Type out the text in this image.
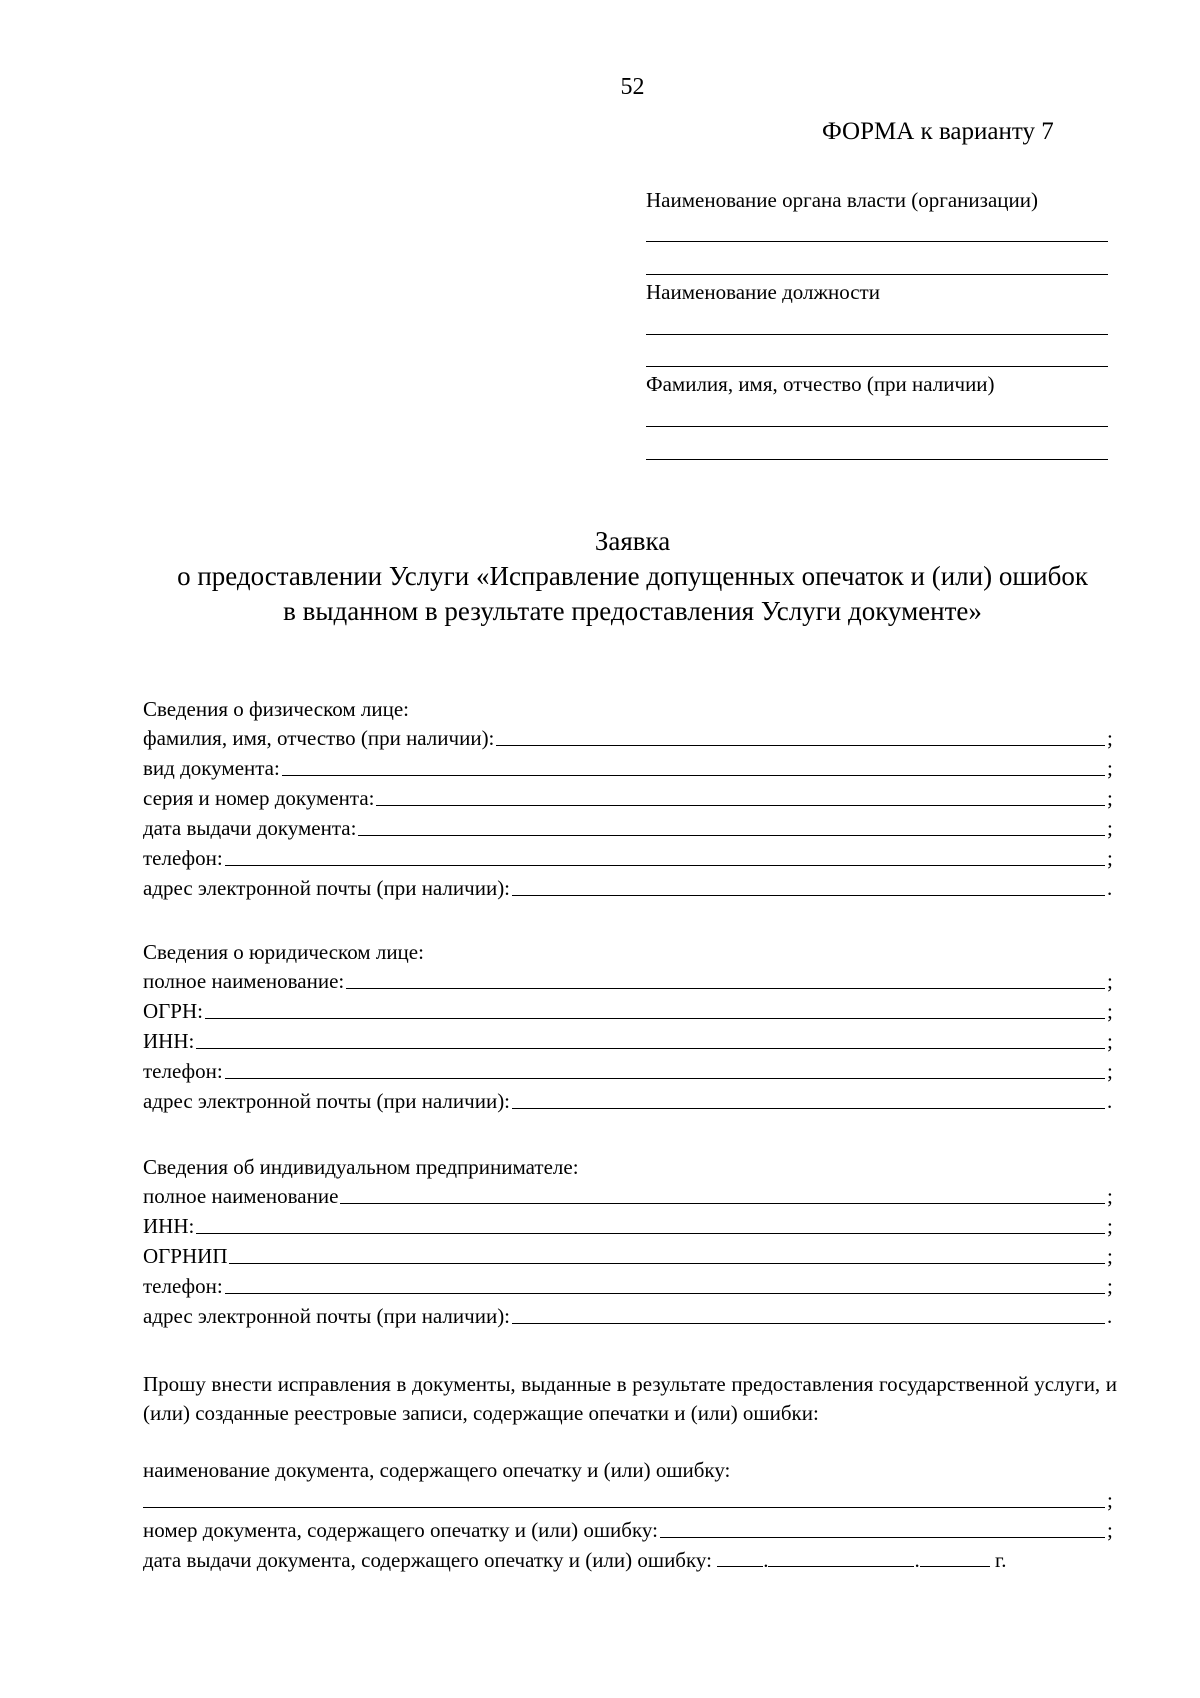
52
ФОРМА к варианту 7
Наименование органа власти (организации)
Наименование должности
Фамилия, имя, отчество (при наличии)
Заявка
о предоставлении Услуги «Исправление допущенных опечаток и (или) ошибок
в выданном в результате предоставления Услуги документе»
Сведения о физическом лице:
фамилия, имя, отчество (при наличии):	;
вид документа:	;
серия и номер документа:	;
дата выдачи документа:	;
телефон:	;
адрес электронной почты (при наличии):	.
Сведения о юридическом лице:
полное наименование:	;
ОГРН:	;
ИНН:	;
телефон:	;
адрес электронной почты (при наличии):	.
Сведения об индивидуальном предпринимателе:
полное наименование	;
ИНН:	;
ОГРНИП	;
телефон:	;
адрес электронной почты (при наличии):	.
Прошу внести исправления в документы, выданные в результате предоставления государственной услуги, и (или) созданные реестровые записи, содержащие опечатки и (или) ошибки:
наименование документа, содержащего опечатку и (или) ошибку:
;
номер документа, содержащего опечатку и (или) ошибку:	;
дата выдачи документа, содержащего опечатку и (или) ошибку: .	.	г.
